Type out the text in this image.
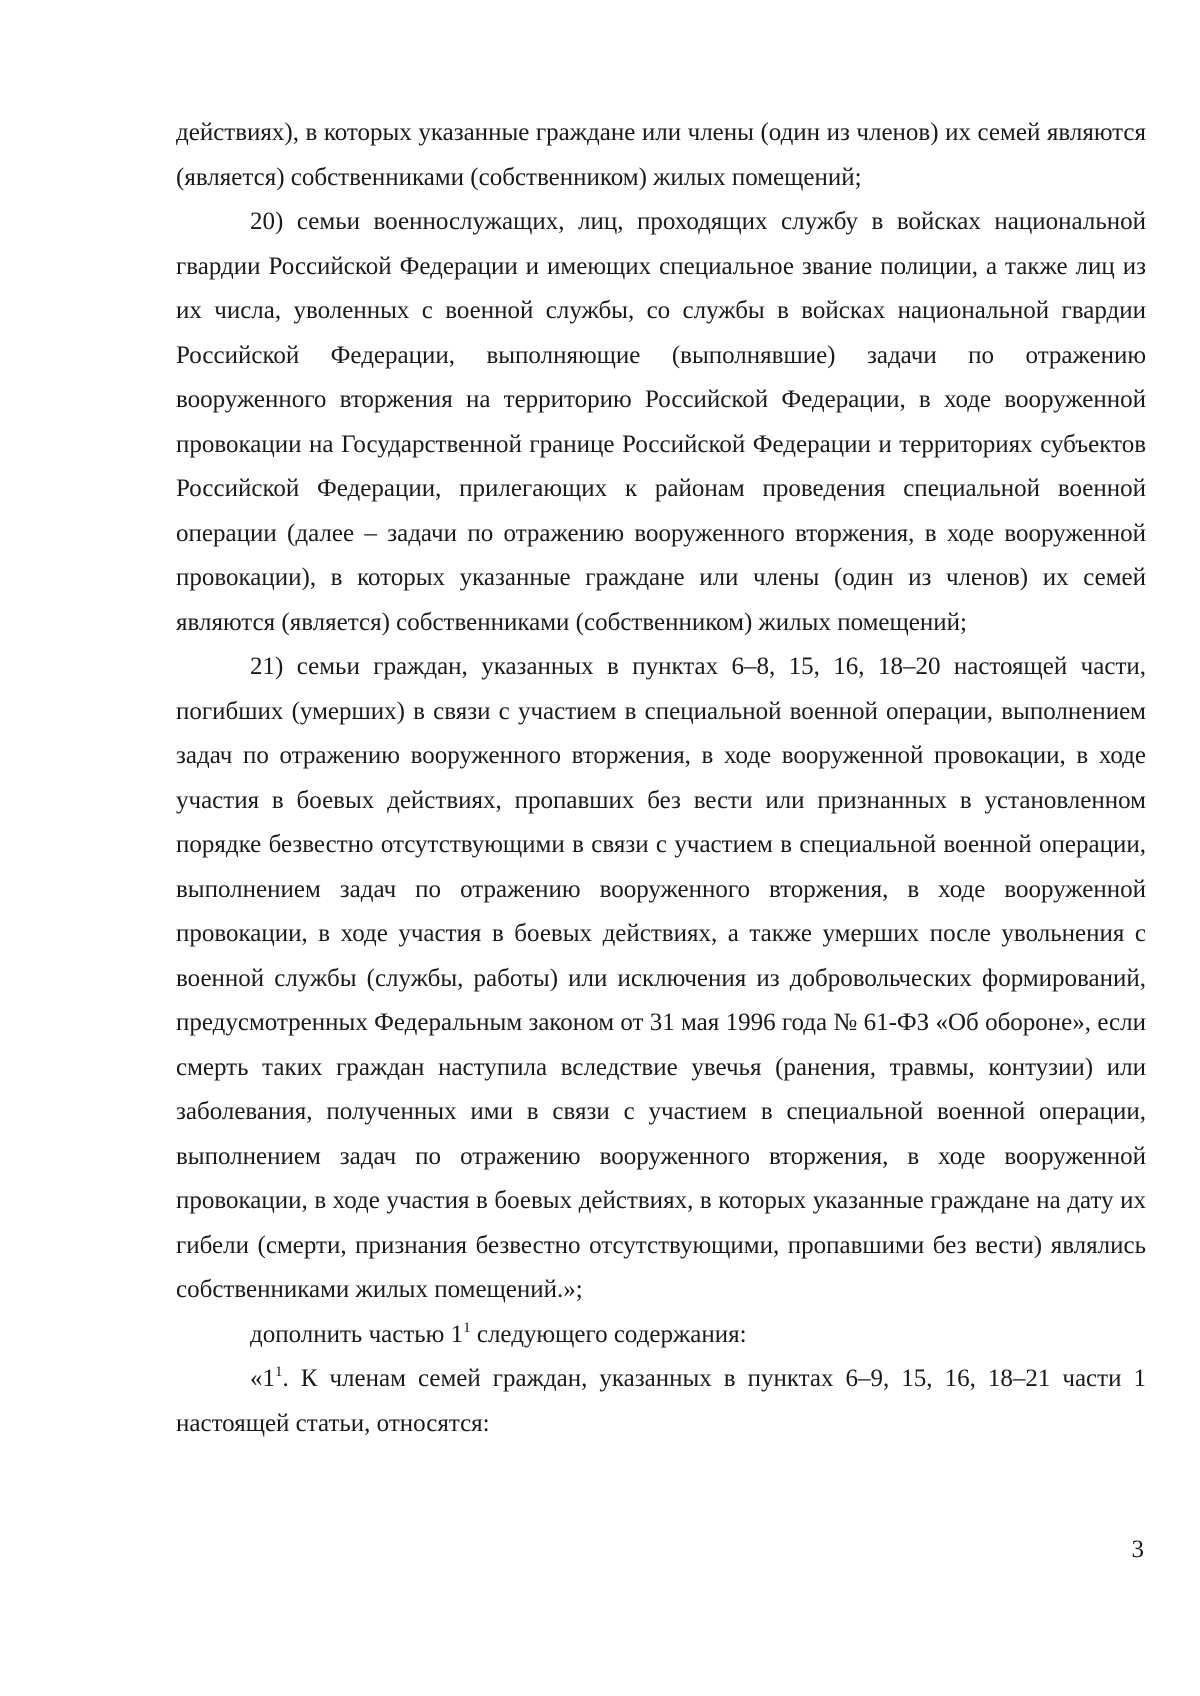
действиях), в которых указанные граждане или члены (один из членов) их семей являются (является) собственниками (собственником) жилых помещений;

20) семьи военнослужащих, лиц, проходящих службу в войсках национальной гвардии Российской Федерации и имеющих специальное звание полиции, а также лиц из их числа, уволенных с военной службы, со службы в войсках национальной гвардии Российской Федерации, выполняющие (выполнявшие) задачи по отражению вооруженного вторжения на территорию Российской Федерации, в ходе вооруженной провокации на Государственной границе Российской Федерации и территориях субъектов Российской Федерации, прилегающих к районам проведения специальной военной операции (далее – задачи по отражению вооруженного вторжения, в ходе вооруженной провокации), в которых указанные граждане или члены (один из членов) их семей являются (является) собственниками (собственником) жилых помещений;

21) семьи граждан, указанных в пунктах 6–8, 15, 16, 18–20 настоящей части, погибших (умерших) в связи с участием в специальной военной операции, выполнением задач по отражению вооруженного вторжения, в ходе вооруженной провокации, в ходе участия в боевых действиях, пропавших без вести или признанных в установленном порядке безвестно отсутствующими в связи с участием в специальной военной операции, выполнением задач по отражению вооруженного вторжения, в ходе вооруженной провокации, в ходе участия в боевых действиях, а также умерших после увольнения с военной службы (службы, работы) или исключения из добровольческих формирований, предусмотренных Федеральным законом от 31 мая 1996 года № 61-ФЗ «Об обороне», если смерть таких граждан наступила вследствие увечья (ранения, травмы, контузии) или заболевания, полученных ими в связи с участием в специальной военной операции, выполнением задач по отражению вооруженного вторжения, в ходе вооруженной провокации, в ходе участия в боевых действиях, в которых указанные граждане на дату их гибели (смерти, признания безвестно отсутствующими, пропавшими без вести) являлись собственниками жилых помещений.»;

дополнить частью $1^1$ следующего содержания:

«$1^1$. К членам семей граждан, указанных в пунктах 6–9, 15, 16, 18–21 части 1 настоящей статьи, относятся:

3
